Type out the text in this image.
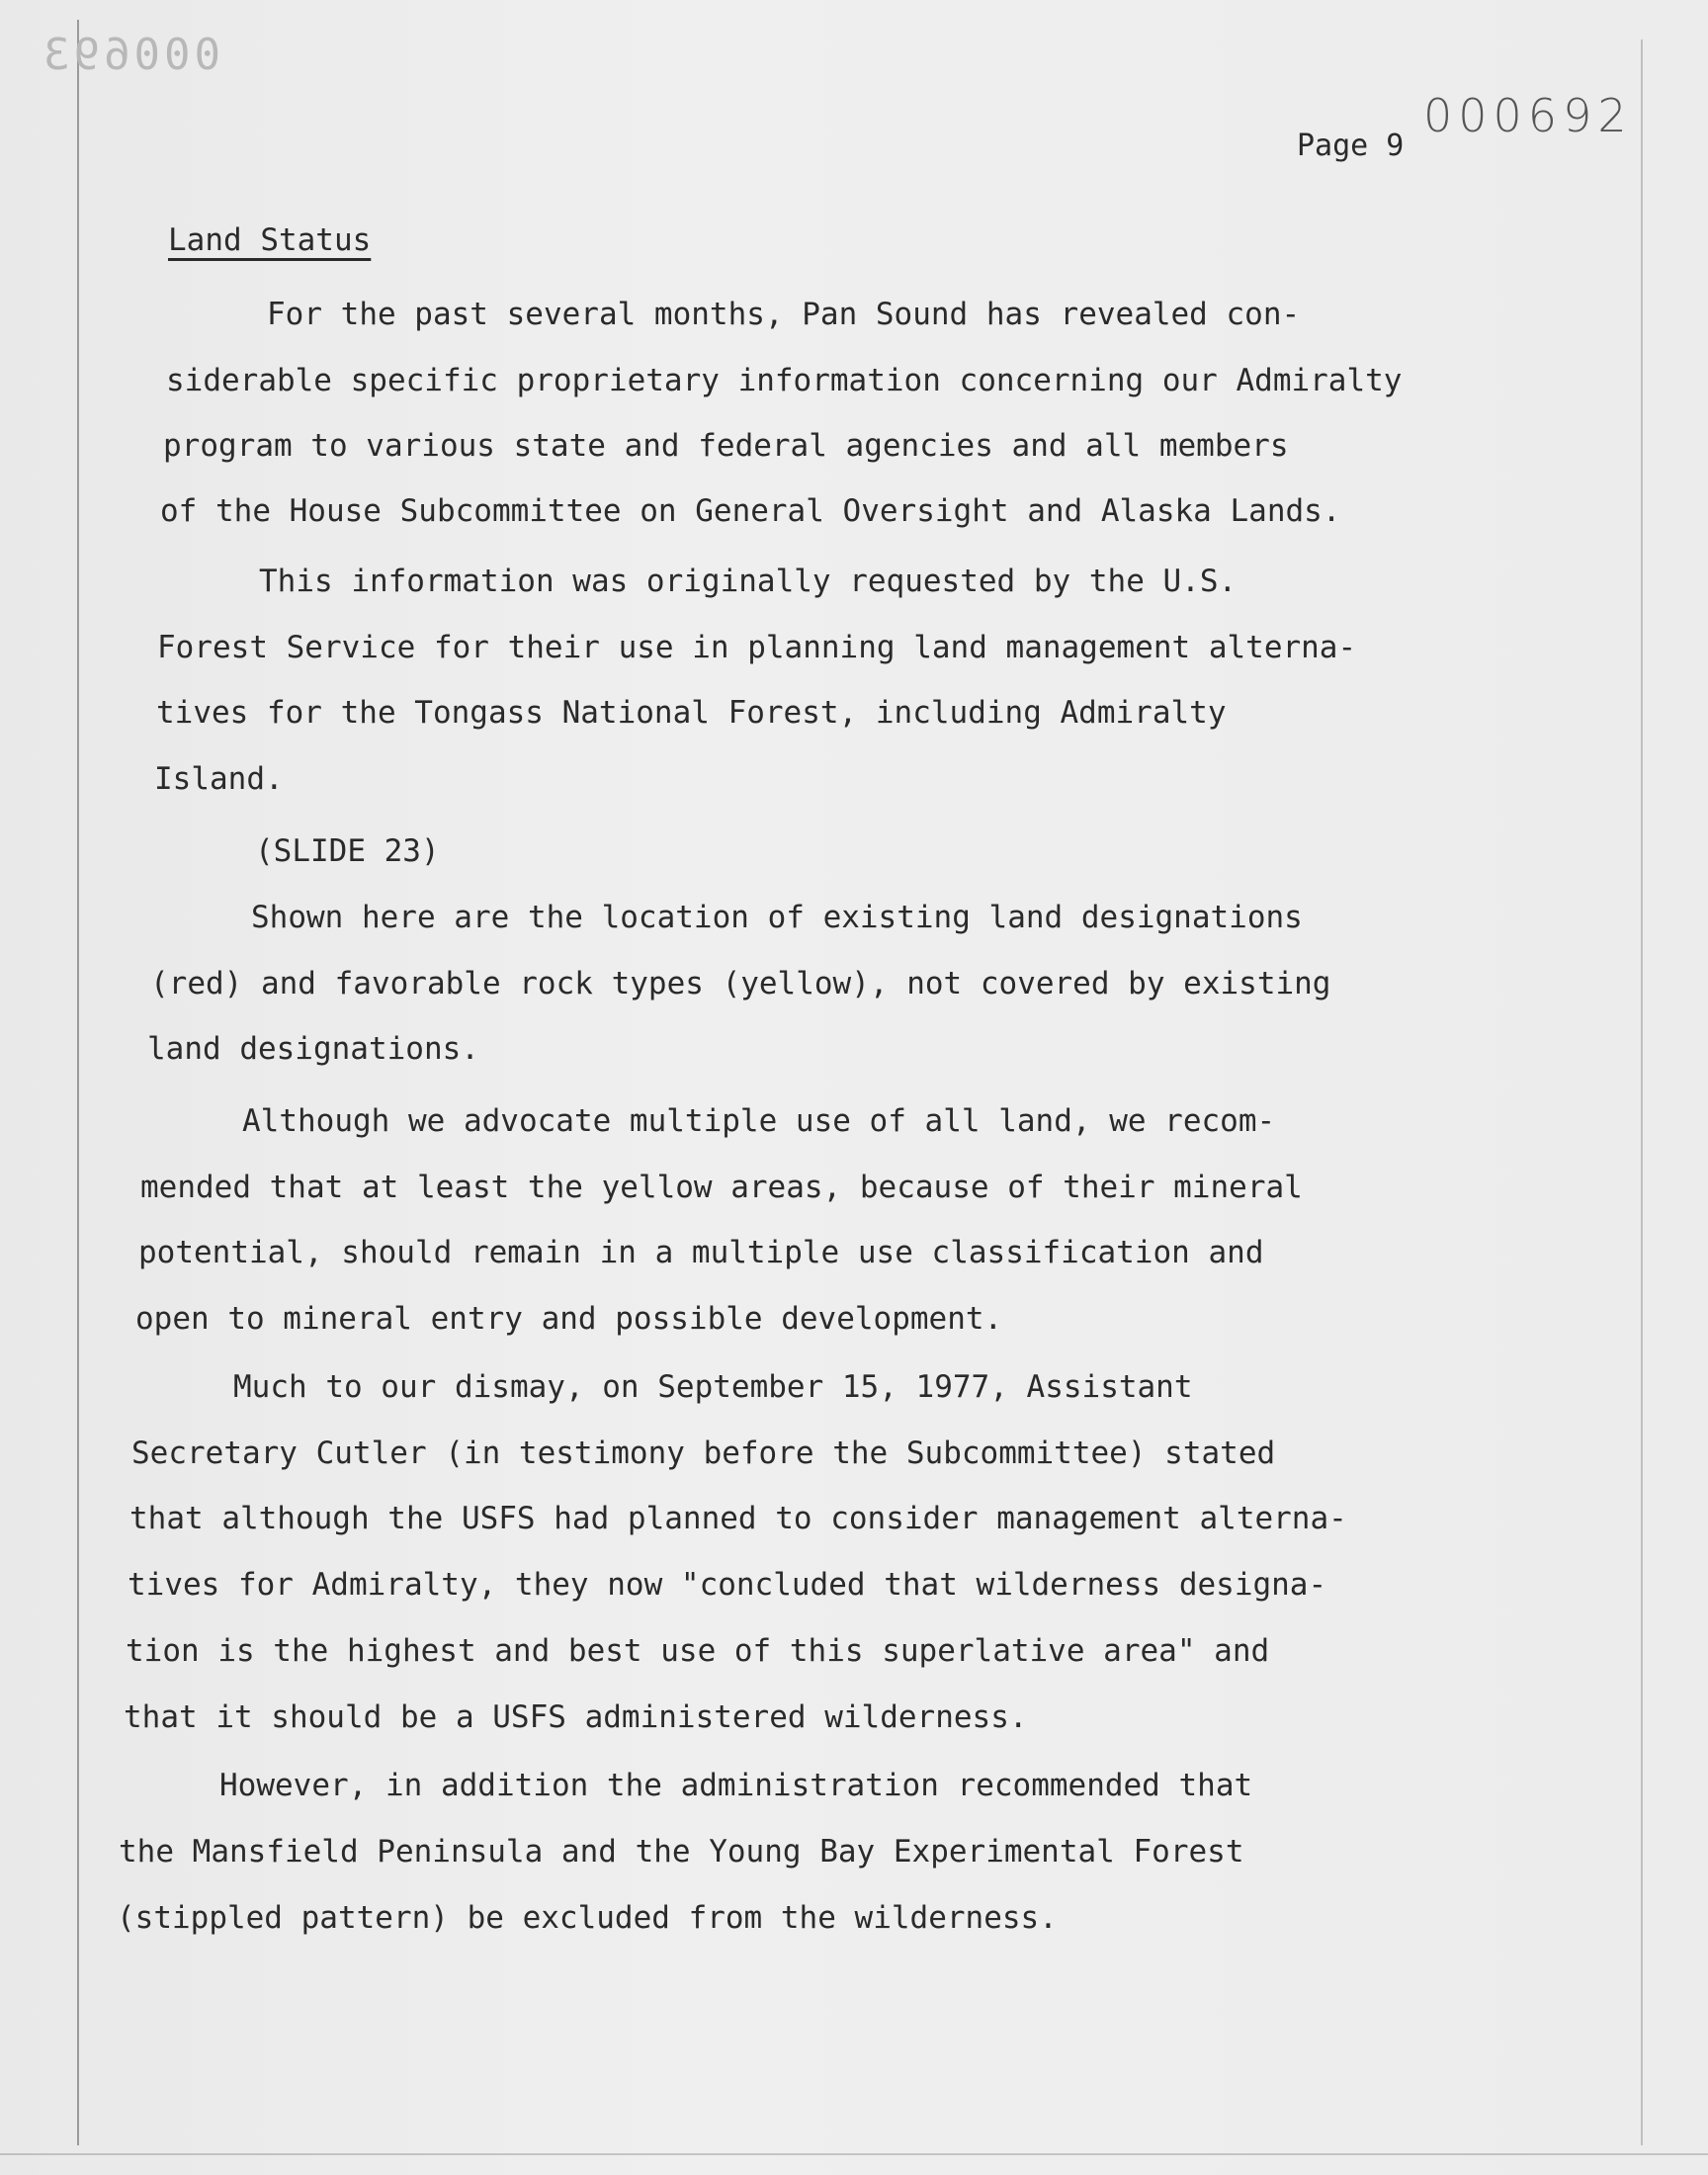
000693
000692
Page 9
Land Status
For the past several months, Pan Sound has revealed con-
siderable specific proprietary information concerning our Admiralty
program to various state and federal agencies and all members
of the House Subcommittee on General Oversight and Alaska Lands.
This information was originally requested by the U.S.
Forest Service for their use in planning land management alterna-
tives for the Tongass National Forest, including Admiralty
Island.
(SLIDE 23)
Shown here are the location of existing land designations
(red) and favorable rock types (yellow), not covered by existing
land designations.
Although we advocate multiple use of all land, we recom-
mended that at least the yellow areas, because of their mineral
potential, should remain in a multiple use classification and
open to mineral entry and possible development.
Much to our dismay, on September 15, 1977, Assistant
Secretary Cutler (in testimony before the Subcommittee) stated
that although the USFS had planned to consider management alterna-
tives for Admiralty, they now "concluded that wilderness designa-
tion is the highest and best use of this superlative area" and
that it should be a USFS administered wilderness.
However, in addition the administration recommended that
the Mansfield Peninsula and the Young Bay Experimental Forest
(stippled pattern) be excluded from the wilderness.
